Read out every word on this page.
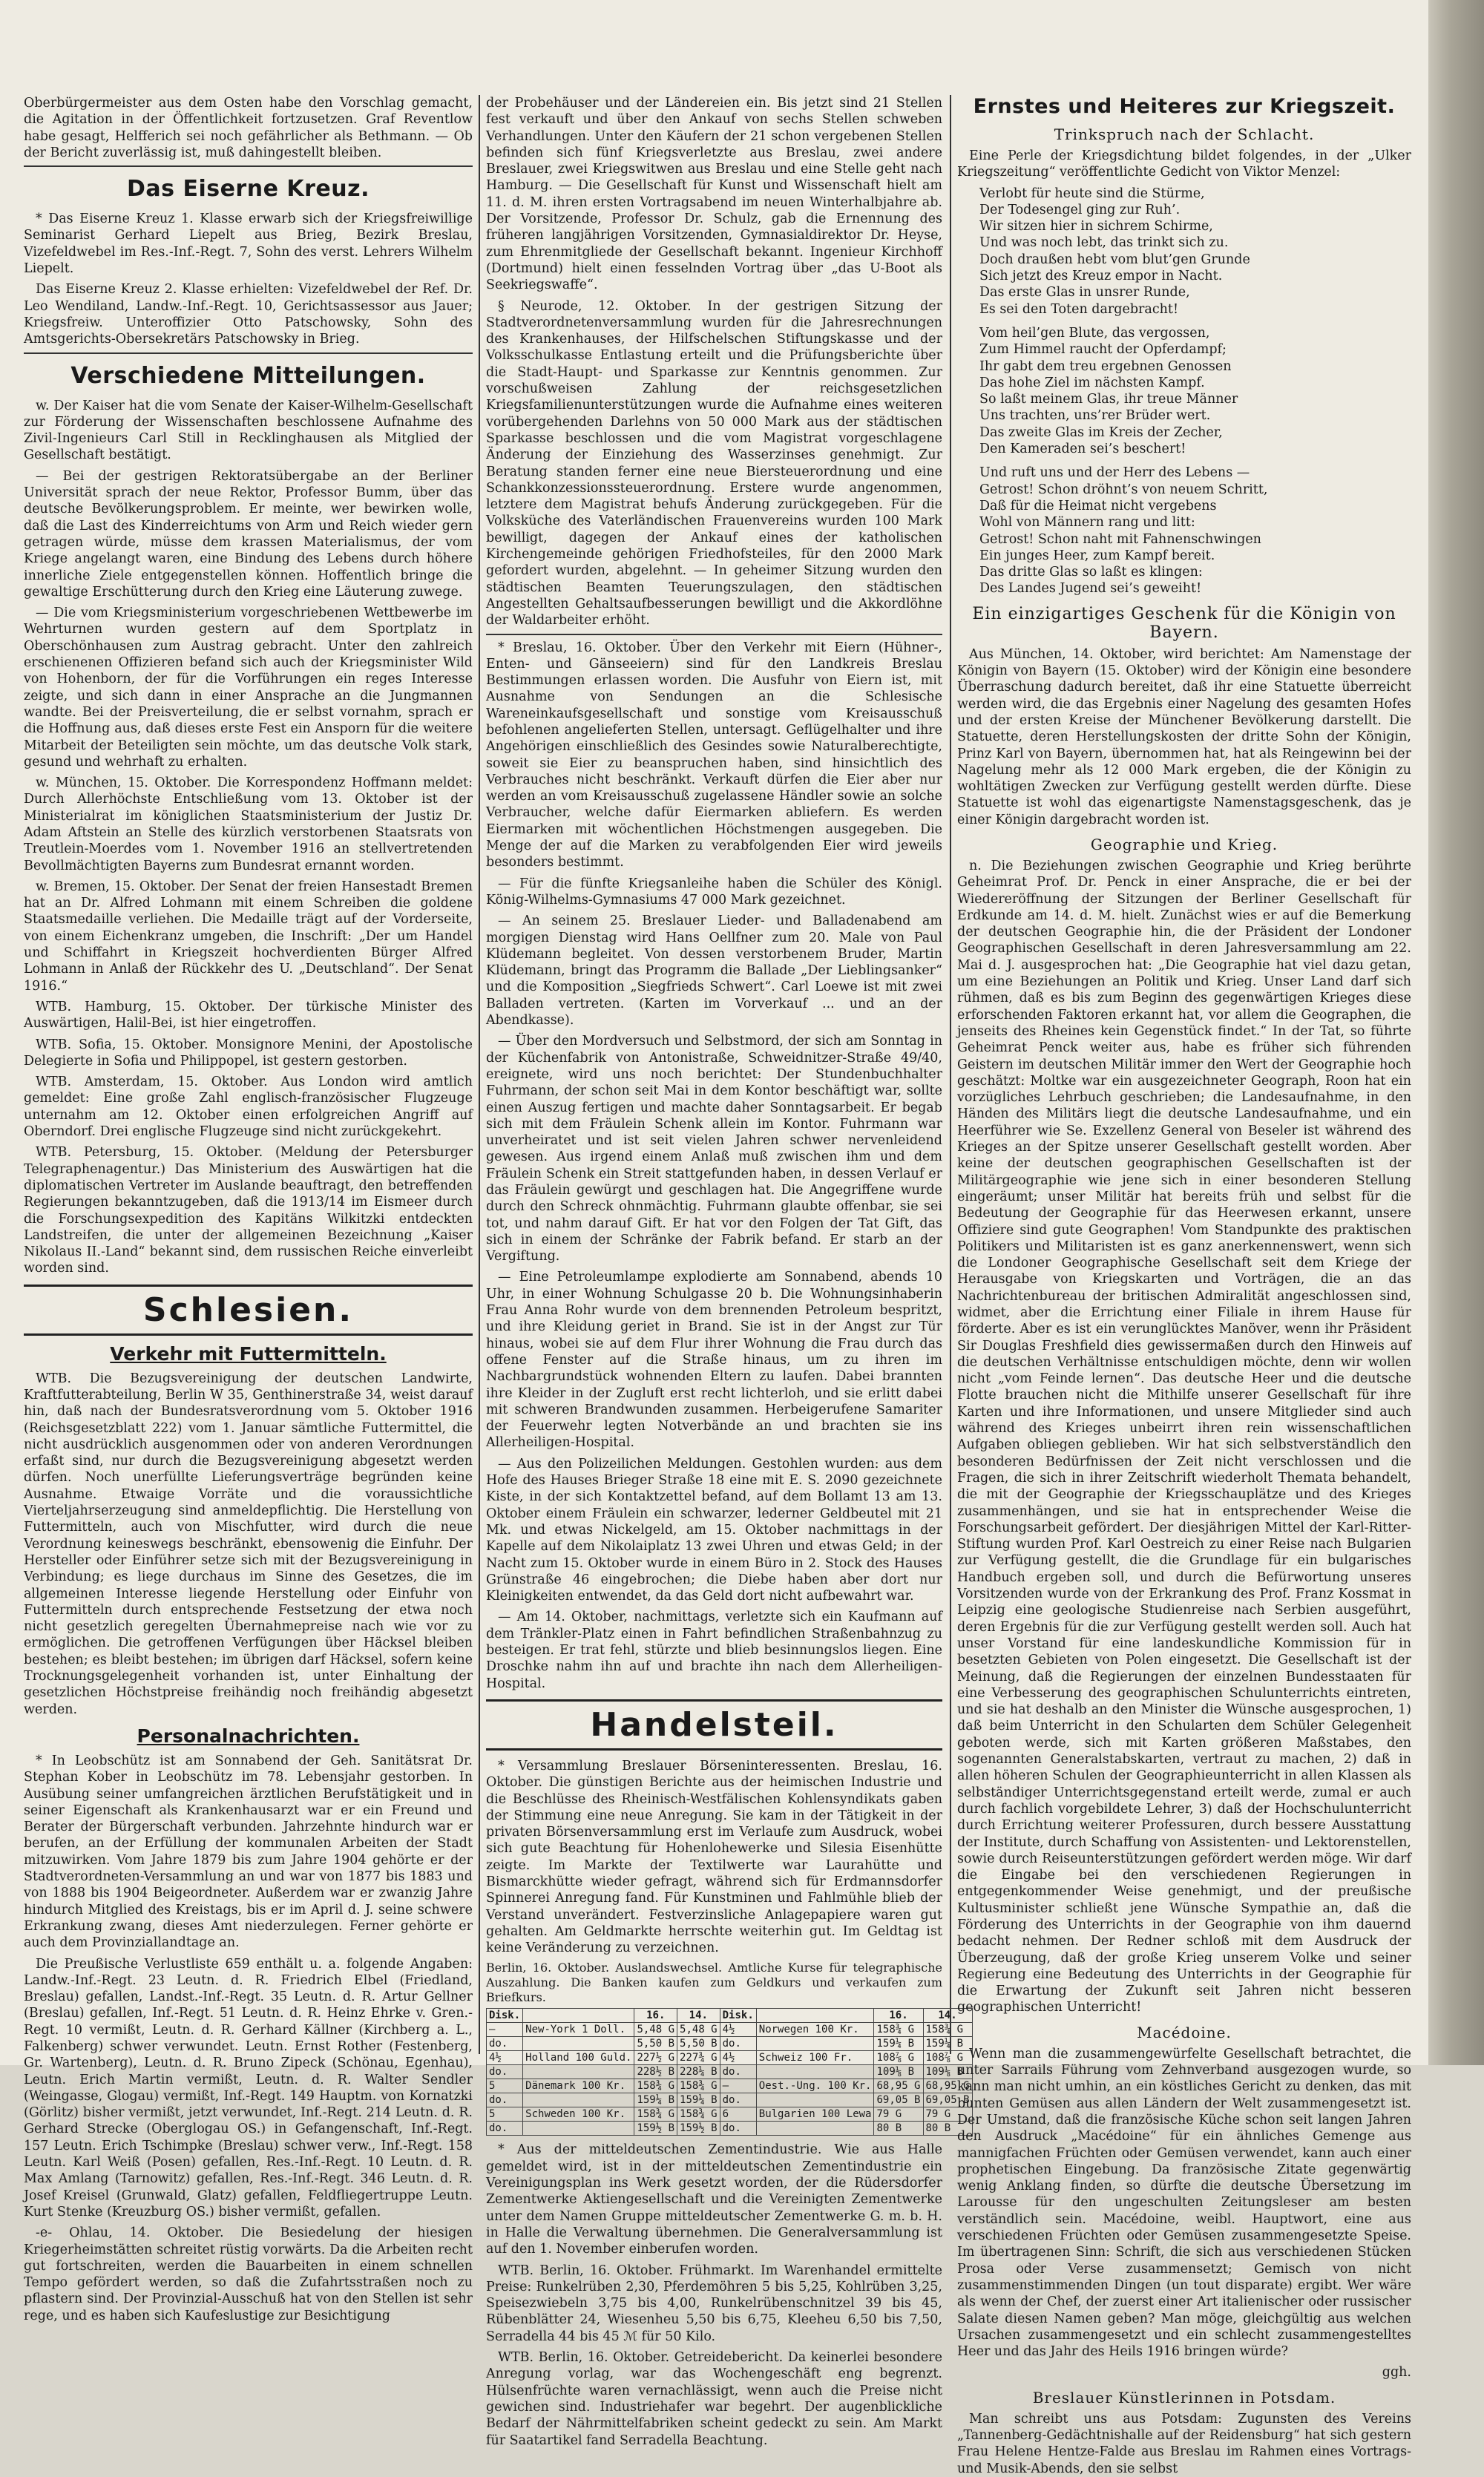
Oberbürgermeister aus dem Osten habe den Vorschlag gemacht, die Agitation in der Öffentlichkeit fortzusetzen. Graf Reventlow habe gesagt, Helfferich sei noch gefährlicher als Bethmann. — Ob der Bericht zuverlässig ist, muß dahingestellt bleiben.

Das Eiserne Kreuz.

* Das Eiserne Kreuz 1. Klasse erwarb sich der Kriegsfreiwillige Seminarist Gerhard Liepelt aus Brieg, Bezirk Breslau, Vizefeldwebel im Res.-Inf.-Regt. 7, Sohn des verst. Lehrers Wilhelm Liepelt.

Das Eiserne Kreuz 2. Klasse erhielten: Vizefeldwebel der Ref. Dr. Leo Wendiland, Landw.-Inf.-Regt. 10, Gerichtsassessor aus Jauer; Kriegsfreiw. Unteroffizier Otto Patschowsky, Sohn des Amtsgerichts-Obersekretärs Patschowsky in Brieg.

Verschiedene Mitteilungen.

w. Der Kaiser hat die vom Senate der Kaiser-Wilhelm-Gesellschaft zur Förderung der Wissenschaften beschlossene Aufnahme des Zivil-Ingenieurs Carl Still in Recklinghausen als Mitglied der Gesellschaft bestätigt.

— Bei der gestrigen Rektoratsübergabe an der Berliner Universität sprach der neue Rektor, Professor Bumm, über das deutsche Bevölkerungsproblem. Er meinte, wer bewirken wolle, daß die Last des Kinderreichtums von Arm und Reich wieder gern getragen würde, müsse dem krassen Materialismus, der vom Kriege angelangt waren, eine Bindung des Lebens durch höhere innerliche Ziele entgegenstellen können. Hoffentlich bringe die gewaltige Erschütterung durch den Krieg eine Läuterung zuwege.

— Die vom Kriegsministerium vorgeschriebenen Wettbewerbe im Wehrturnen wurden gestern auf dem Sportplatz in Oberschönhausen zum Austrag gebracht. Unter den zahlreich erschienenen Offizieren befand sich auch der Kriegsminister Wild von Hohenborn, der für die Vorführungen ein reges Interesse zeigte, und sich dann in einer Ansprache an die Jungmannen wandte. Bei der Preisverteilung, die er selbst vornahm, sprach er die Hoffnung aus, daß dieses erste Fest ein Ansporn für die weitere Mitarbeit der Beteiligten sein möchte, um das deutsche Volk stark, gesund und wehrhaft zu erhalten.

w. München, 15. Oktober. Die Korrespondenz Hoffmann meldet: Durch Allerhöchste Entschließung vom 13. Oktober ist der Ministerialrat im königlichen Staatsministerium der Justiz Dr. Adam Aftstein an Stelle des kürzlich verstorbenen Staatsrats von Treutlein-Moerdes vom 1. November 1916 an stellvertretenden Bevollmächtigten Bayerns zum Bundesrat ernannt worden.

w. Bremen, 15. Oktober. Der Senat der freien Hansestadt Bremen hat an Dr. Alfred Lohmann mit einem Schreiben die goldene Staatsmedaille verliehen. Die Medaille trägt auf der Vorderseite, von einem Eichenkranz umgeben, die Inschrift: „Der um Handel und Schiffahrt in Kriegszeit hochverdienten Bürger Alfred Lohmann in Anlaß der Rückkehr des U. „Deutschland“. Der Senat 1916.“

WTB. Hamburg, 15. Oktober. Der türkische Minister des Auswärtigen, Halil-Bei, ist hier eingetroffen.

WTB. Sofia, 15. Oktober. Monsignore Menini, der Apostolische Delegierte in Sofia und Philippopel, ist gestern gestorben.

WTB. Amsterdam, 15. Oktober. Aus London wird amtlich gemeldet: Eine große Zahl englisch-französischer Flugzeuge unternahm am 12. Oktober einen erfolgreichen Angriff auf Oberndorf. Drei englische Flugzeuge sind nicht zurückgekehrt.

WTB. Petersburg, 15. Oktober. (Meldung der Petersburger Telegraphenagentur.) Das Ministerium des Auswärtigen hat die diplomatischen Vertreter im Auslande beauftragt, den betreffenden Regierungen bekanntzugeben, daß die 1913/14 im Eismeer durch die Forschungsexpedition des Kapitäns Wilkitzki entdeckten Landstreifen, die unter der allgemeinen Bezeichnung „Kaiser Nikolaus II.-Land“ bekannt sind, dem russischen Reiche einverleibt worden sind.

Schlesien.
Verkehr mit Futtermitteln.

WTB. Die Bezugsvereinigung der deutschen Landwirte, Kraftfutterabteilung, Berlin W 35, Genthinerstraße 34, weist darauf hin, daß nach der Bundesratsverordnung vom 5. Oktober 1916 (Reichsgesetzblatt 222) vom 1. Januar sämtliche Futtermittel, die nicht ausdrücklich ausgenommen oder von anderen Verordnungen erfaßt sind, nur durch die Bezugsvereinigung abgesetzt werden dürfen. Noch unerfüllte Lieferungsverträge begründen keine Ausnahme. Etwaige Vorräte und die voraussichtliche Vierteljahrserzeugung sind anmeldepflichtig. Die Herstellung von Futtermitteln, auch von Mischfutter, wird durch die neue Verordnung keineswegs beschränkt, ebensowenig die Einfuhr. Der Hersteller oder Einführer setze sich mit der Bezugsvereinigung in Verbindung; es liege durchaus im Sinne des Gesetzes, die im allgemeinen Interesse liegende Herstellung oder Einfuhr von Futtermitteln durch entsprechende Festsetzung der etwa noch nicht gesetzlich geregelten Übernahmepreise nach wie vor zu ermöglichen. Die getroffenen Verfügungen über Häcksel bleiben bestehen; es bleibt bestehen; im übrigen darf Häcksel, sofern keine Trocknungsgelegenheit vorhanden ist, unter Einhaltung der gesetzlichen Höchstpreise freihändig noch freihändig abgesetzt werden.

Personalnachrichten.

* In Leobschütz ist am Sonnabend der Geh. Sanitätsrat Dr. Stephan Kober in Leobschütz im 78. Lebensjahr gestorben. In Ausübung seiner umfangreichen ärztlichen Berufstätigkeit und in seiner Eigenschaft als Krankenhausarzt war er ein Freund und Berater der Bürgerschaft verbunden. Jahrzehnte hindurch war er berufen, an der Erfüllung der kommunalen Arbeiten der Stadt mitzuwirken. Vom Jahre 1879 bis zum Jahre 1904 gehörte er der Stadtverordneten-Versammlung an und war von 1877 bis 1883 und von 1888 bis 1904 Beigeordneter. Außerdem war er zwanzig Jahre hindurch Mitglied des Kreistags, bis er im April d. J. seine schwere Erkrankung zwang, dieses Amt niederzulegen. Ferner gehörte er auch dem Provinziallandtage an.

Die Preußische Verlustliste 659 enthält u. a. folgende Angaben: Landw.-Inf.-Regt. 23 Leutn. d. R. Friedrich Elbel (Friedland, Breslau) gefallen, Landst.-Inf.-Regt. 35 Leutn. d. R. Artur Gellner (Breslau) gefallen, Inf.-Regt. 51 Leutn. d. R. Heinz Ehrke v. Gren.-Regt. 10 vermißt, Leutn. d. R. Gerhard Källner (Kirchberg a. L., Falkenberg) schwer verwundet. Leutn. Ernst Rother (Festenberg, Gr. Wartenberg), Leutn. d. R. Bruno Zipeck (Schönau, Egenhau), Leutn. Erich Martin vermißt, Leutn. d. R. Walter Sendler (Weingasse, Glogau) vermißt, Inf.-Regt. 149 Hauptm. von Kornatzki (Görlitz) bisher vermißt, jetzt verwundet, Inf.-Regt. 214 Leutn. d. R. Gerhard Strecke (Oberglogau OS.) in Gefangenschaft, Inf.-Regt. 157 Leutn. Erich Tschimpke (Breslau) schwer verw., Inf.-Regt. 158 Leutn. Karl Weiß (Posen) gefallen, Res.-Inf.-Regt. 10 Leutn. d. R. Max Amlang (Tarnowitz) gefallen, Res.-Inf.-Regt. 346 Leutn. d. R. Josef Kreisel (Grunwald, Glatz) gefallen, Feldfliegertruppe Leutn. Kurt Stenke (Kreuzburg OS.) bisher vermißt, gefallen.

-e- Ohlau, 14. Oktober. Die Besiedelung der hiesigen Kriegerheimstätten schreitet rüstig vorwärts. Da die Arbeiten recht gut fortschreiten, werden die Bauarbeiten in einem schnellen Tempo gefördert werden, so daß die Zufahrtsstraßen noch zu pflastern sind. Der Provinzial-Ausschuß hat von den Stellen ist sehr rege, und es haben sich Kaufeslustige zur Besichtigung

der Probehäuser und der Ländereien ein. Bis jetzt sind 21 Stellen fest verkauft und über den Ankauf von sechs Stellen schweben Verhandlungen. Unter den Käufern der 21 schon vergebenen Stellen befinden sich fünf Kriegsverletzte aus Breslau, zwei andere Breslauer, zwei Kriegswitwen aus Breslau und eine Stelle geht nach Hamburg. — Die Gesellschaft für Kunst und Wissenschaft hielt am 11. d. M. ihren ersten Vortragsabend im neuen Winterhalbjahre ab. Der Vorsitzende, Professor Dr. Schulz, gab die Ernennung des früheren langjährigen Vorsitzenden, Gymnasialdirektor Dr. Heyse, zum Ehrenmitgliede der Gesellschaft bekannt. Ingenieur Kirchhoff (Dortmund) hielt einen fesselnden Vortrag über „das U-Boot als Seekriegswaffe“.

§ Neurode, 12. Oktober. In der gestrigen Sitzung der Stadtverordnetenversammlung wurden für die Jahresrechnungen des Krankenhauses, der Hilfschelschen Stiftungskasse und der Volksschulkasse Entlastung erteilt und die Prüfungsberichte über die Stadt-Haupt- und Sparkasse zur Kenntnis genommen. Zur vorschußweisen Zahlung der reichsgesetzlichen Kriegsfamilienunterstützungen wurde die Aufnahme eines weiteren vorübergehenden Darlehns von 50 000 Mark aus der städtischen Sparkasse beschlossen und die vom Magistrat vorgeschlagene Änderung der Einziehung des Wasserzinses genehmigt. Zur Beratung standen ferner eine neue Biersteuerordnung und eine Schankkonzessionssteuerordnung. Erstere wurde angenommen, letztere dem Magistrat behufs Änderung zurückgegeben. Für die Volksküche des Vaterländischen Frauenvereins wurden 100 Mark bewilligt, dagegen der Ankauf eines der katholischen Kirchengemeinde gehörigen Friedhofsteiles, für den 2000 Mark gefordert wurden, abgelehnt. — In geheimer Sitzung wurden den städtischen Beamten Teuerungszulagen, den städtischen Angestellten Gehaltsaufbesserungen bewilligt und die Akkordlöhne der Waldarbeiter erhöht.

* Breslau, 16. Oktober. Über den Verkehr mit Eiern (Hühner-, Enten- und Gänseeiern) sind für den Landkreis Breslau Bestimmungen erlassen worden. Die Ausfuhr von Eiern ist, mit Ausnahme von Sendungen an die Schlesische Wareneinkaufsgesellschaft und sonstige vom Kreisausschuß befohlenen angelieferten Stellen, untersagt. Geflügelhalter und ihre Angehörigen einschließlich des Gesindes sowie Naturalberechtigte, soweit sie Eier zu beanspruchen haben, sind hinsichtlich des Verbrauches nicht beschränkt. Verkauft dürfen die Eier aber nur werden an vom Kreisausschuß zugelassene Händler sowie an solche Verbraucher, welche dafür Eiermarken abliefern. Es werden Eiermarken mit wöchentlichen Höchstmengen ausgegeben. Die Menge der auf die Marken zu verabfolgenden Eier wird jeweils besonders bestimmt.

— Für die fünfte Kriegsanleihe haben die Schüler des Königl. König-Wilhelms-Gymnasiums 47 000 Mark gezeichnet.

— An seinem 25. Breslauer Lieder- und Balladenabend am morgigen Dienstag wird Hans Oellfner zum 20. Male von Paul Klüdemann begleitet. Von dessen verstorbenem Bruder, Martin Klüdemann, bringt das Programm die Ballade „Der Lieblingsanker“ und die Komposition „Siegfrieds Schwert“. Carl Loewe ist mit zwei Balladen vertreten. (Karten im Vorverkauf ... und an der Abendkasse).

— Über den Mordversuch und Selbstmord, der sich am Sonntag in der Küchenfabrik von Antonistraße, Schweidnitzer-Straße 49/40, ereignete, wird uns noch berichtet: Der Stundenbuchhalter Fuhrmann, der schon seit Mai in dem Kontor beschäftigt war, sollte einen Auszug fertigen und machte daher Sonntagsarbeit. Er begab sich mit dem Fräulein Schenk allein im Kontor. Fuhrmann war unverheiratet und ist seit vielen Jahren schwer nervenleidend gewesen. Aus irgend einem Anlaß muß zwischen ihm und dem Fräulein Schenk ein Streit stattgefunden haben, in dessen Verlauf er das Fräulein gewürgt und geschlagen hat. Die Angegriffene wurde durch den Schreck ohnmächtig. Fuhrmann glaubte offenbar, sie sei tot, und nahm darauf Gift. Er hat vor den Folgen der Tat Gift, das sich in einem der Schränke der Fabrik befand. Er starb an der Vergiftung.

— Eine Petroleumlampe explodierte am Sonnabend, abends 10 Uhr, in einer Wohnung Schulgasse 20 b. Die Wohnungsinhaberin Frau Anna Rohr wurde von dem brennenden Petroleum bespritzt, und ihre Kleidung geriet in Brand. Sie ist in der Angst zur Tür hinaus, wobei sie auf dem Flur ihrer Wohnung die Frau durch das offene Fenster auf die Straße hinaus, um zu ihren im Nachbargrundstück wohnenden Eltern zu laufen. Dabei brannten ihre Kleider in der Zugluft erst recht lichterloh, und sie erlitt dabei mit schweren Brandwunden zusammen. Herbeigerufene Samariter der Feuerwehr legten Notverbände an und brachten sie ins Allerheiligen-Hospital.

— Aus den Polizeilichen Meldungen. Gestohlen wurden: aus dem Hofe des Hauses Brieger Straße 18 eine mit E. S. 2090 gezeichnete Kiste, in der sich Kontaktzettel befand, auf dem Bollamt 13 am 13. Oktober einem Fräulein ein schwarzer, lederner Geldbeutel mit 21 Mk. und etwas Nickelgeld, am 15. Oktober nachmittags in der Kapelle auf dem Nikolaiplatz 13 zwei Uhren und etwas Geld; in der Nacht zum 15. Oktober wurde in einem Büro in 2. Stock des Hauses Grünstraße 46 eingebrochen; die Diebe haben aber dort nur Kleinigkeiten entwendet, da das Geld dort nicht aufbewahrt war.

— Am 14. Oktober, nachmittags, verletzte sich ein Kaufmann auf dem Tränkler-Platz einen in Fahrt befindlichen Straßenbahnzug zu besteigen. Er trat fehl, stürzte und blieb besinnungslos liegen. Eine Droschke nahm ihn auf und brachte ihn nach dem Allerheiligen-Hospital.

Handelsteil.

* Versammlung Breslauer Börseninteressenten. Breslau, 16. Oktober. Die günstigen Berichte aus der heimischen Industrie und die Beschlüsse des Rheinisch-Westfälischen Kohlensyndikats gaben der Stimmung eine neue Anregung. Sie kam in der Tätigkeit in der privaten Börsenversammlung erst im Verlaufe zum Ausdruck, wobei sich gute Beachtung für Hohenlohewerke und Silesia Eisenhütte zeigte. Im Markte der Textilwerte war Laurahütte und Bismarckhütte wieder gefragt, während sich für Erdmannsdorfer Spinnerei Anregung fand. Für Kunstminen und Fahlmühle blieb der Verstand unverändert. Festverzinsliche Anlagepapiere waren gut gehalten. Am Geldmarkte herrschte weiterhin gut. Im Geldtag ist keine Veränderung zu verzeichnen.

Berlin, 16. Oktober. Auslandswechsel. Amtliche Kurse für telegraphische Auszahlung. Die Banken kaufen zum Geldkurs und verkaufen zum Briefkurs.
Disk.		16.	14.	Disk.		16.	14.
—	New-York 1 Doll.	5,48 G	5,48 G	4½	Norwegen 100 Kr.	158¾ G	158¾ G
do.		5,50 B	5,50 B	do.		159¼ B	159¼ B
4½	Holland 100 Guld.	227½ G	227¾ G	4½	Schweiz 100 Fr.	108⅞ G	108⅞ G
do.		228½ B	228¼ B	do.		109⅛ B	109⅛ B
5	Dänemark 100 Kr.	158¾ G	158¾ G	—	Oest.-Ung. 100 Kr.	68,95 G	68,95 G
do.		159¼ B	159¼ B	do.		69,05 B	69,05 B
5	Schweden 100 Kr.	158¾ G	158¾ G	6	Bulgarien 100 Lewa	79 G	79 G
do.		159½ B	159½ B	do.		80 B	80 B

* Aus der mitteldeutschen Zementindustrie. Wie aus Halle gemeldet wird, ist in der mitteldeutschen Zementindustrie ein Vereinigungsplan ins Werk gesetzt worden, der die Rüdersdorfer Zementwerke Aktiengesellschaft und die Vereinigten Zementwerke unter dem Namen Gruppe mitteldeutscher Zementwerke G. m. b. H. in Halle die Verwaltung übernehmen. Die Generalversammlung ist auf den 1. November einberufen worden.

WTB. Berlin, 16. Oktober. Frühmarkt. Im Warenhandel ermittelte Preise: Runkelrüben 2,30, Pferdemöhren 5 bis 5,25, Kohlrüben 3,25, Speisezwiebeln 3,75 bis 4,00, Runkelrübenschnitzel 39 bis 45, Rübenblätter 24, Wiesenheu 5,50 bis 6,75, Kleeheu 6,50 bis 7,50, Serradella 44 bis 45 ℳ für 50 Kilo.

WTB. Berlin, 16. Oktober. Getreidebericht. Da keinerlei besondere Anregung vorlag, war das Wochengeschäft eng begrenzt. Hülsenfrüchte waren vernachlässigt, wenn auch die Preise nicht gewichen sind. Industriehafer war begehrt. Der augenblickliche Bedarf der Nährmittelfabriken scheint gedeckt zu sein. Am Markt für Saatartikel fand Serradella Beachtung.

Ernstes und Heiteres zur Kriegszeit.
Trinkspruch nach der Schlacht.

Eine Perle der Kriegsdichtung bildet folgendes, in der „Ulker Kriegszeitung“ veröffentlichte Gedicht von Viktor Menzel:

Verlobt für heute sind die Stürme,
Der Todesengel ging zur Ruh’.
Wir sitzen hier in sichrem Schirme,
Und was noch lebt, das trinkt sich zu.
Doch draußen hebt vom blut’gen Grunde
Sich jetzt des Kreuz empor in Nacht.
Das erste Glas in unsrer Runde,
Es sei den Toten dargebracht!

Vom heil’gen Blute, das vergossen,
Zum Himmel raucht der Opferdampf;
Ihr gabt dem treu ergebnen Genossen
Das hohe Ziel im nächsten Kampf.
So laßt meinem Glas, ihr treue Männer
Uns trachten, uns’rer Brüder wert.
Das zweite Glas im Kreis der Zecher,
Den Kameraden sei’s beschert!

Und ruft uns und der Herr des Lebens —
Getrost! Schon dröhnt’s von neuem Schritt,
Daß für die Heimat nicht vergebens
Wohl von Männern rang und litt:
Getrost! Schon naht mit Fahnenschwingen
Ein junges Heer, zum Kampf bereit.
Das dritte Glas so laßt es klingen:
Des Landes Jugend sei’s geweiht!

Ein einzigartiges Geschenk für die Königin von Bayern.

Aus München, 14. Oktober, wird berichtet: Am Namenstage der Königin von Bayern (15. Oktober) wird der Königin eine besondere Überraschung dadurch bereitet, daß ihr eine Statuette überreicht werden wird, die das Ergebnis einer Nagelung des gesamten Hofes und der ersten Kreise der Münchener Bevölkerung darstellt. Die Statuette, deren Herstellungskosten der dritte Sohn der Königin, Prinz Karl von Bayern, übernommen hat, hat als Reingewinn bei der Nagelung mehr als 12 000 Mark ergeben, die der Königin zu wohltätigen Zwecken zur Verfügung gestellt werden dürfte. Diese Statuette ist wohl das eigenartigste Namenstagsgeschenk, das je einer Königin dargebracht worden ist.

Geographie und Krieg.

n. Die Beziehungen zwischen Geographie und Krieg berührte Geheimrat Prof. Dr. Penck in einer Ansprache, die er bei der Wiedereröffnung der Sitzungen der Berliner Gesellschaft für Erdkunde am 14. d. M. hielt. Zunächst wies er auf die Bemerkung der deutschen Geographie hin, die der Präsident der Londoner Geographischen Gesellschaft in deren Jahresversammlung am 22. Mai d. J. ausgesprochen hat: „Die Geographie hat viel dazu getan, um eine Beziehungen an Politik und Krieg. Unser Land darf sich rühmen, daß es bis zum Beginn des gegenwärtigen Krieges diese erforschenden Faktoren erkannt hat, vor allem die Geographen, die jenseits des Rheines kein Gegenstück findet.“ In der Tat, so führte Geheimrat Penck weiter aus, habe es früher sich führenden Geistern im deutschen Militär immer den Wert der Geographie hoch geschätzt: Moltke war ein ausgezeichneter Geograph, Roon hat ein vorzügliches Lehrbuch geschrieben; die Landesaufnahme, in den Händen des Militärs liegt die deutsche Landesaufnahme, und ein Heerführer wie Se. Exzellenz General von Beseler ist während des Krieges an der Spitze unserer Gesellschaft gestellt worden. Aber keine der deutschen geographischen Gesellschaften ist der Militärgeographie wie jene sich in einer besonderen Stellung eingeräumt; unser Militär hat bereits früh und selbst für die Bedeutung der Geographie für das Heerwesen erkannt, unsere Offiziere sind gute Geographen! Vom Standpunkte des praktischen Politikers und Militaristen ist es ganz anerkennenswert, wenn sich die Londoner Geographische Gesellschaft seit dem Kriege der Herausgabe von Kriegskarten und Vorträgen, die an das Nachrichtenbureau der britischen Admiralität angeschlossen sind, widmet, aber die Errichtung einer Filiale in ihrem Hause für förderte. Aber es ist ein verunglücktes Manöver, wenn ihr Präsident Sir Douglas Freshfield dies gewissermaßen durch den Hinweis auf die deutschen Verhältnisse entschuldigen möchte, denn wir wollen nicht „vom Feinde lernen“. Das deutsche Heer und die deutsche Flotte brauchen nicht die Mithilfe unserer Gesellschaft für ihre Karten und ihre Informationen, und unsere Mitglieder sind auch während des Krieges unbeirrt ihren rein wissenschaftlichen Aufgaben obliegen geblieben. Wir hat sich selbstverständlich den besonderen Bedürfnissen der Zeit nicht verschlossen und die Fragen, die sich in ihrer Zeitschrift wiederholt Themata behandelt, die mit der Geographie der Kriegsschauplätze und des Krieges zusammenhängen, und sie hat in entsprechender Weise die Forschungsarbeit gefördert. Der diesjährigen Mittel der Karl-Ritter-Stiftung wurden Prof. Karl Oestreich zu einer Reise nach Bulgarien zur Verfügung gestellt, die die Grundlage für ein bulgarisches Handbuch ergeben soll, und durch die Befürwortung unseres Vorsitzenden wurde von der Erkrankung des Prof. Franz Kossmat in Leipzig eine geologische Studienreise nach Serbien ausgeführt, deren Ergebnis für die zur Verfügung gestellt werden soll. Auch hat unser Vorstand für eine landeskundliche Kommission für in besetzten Gebieten von Polen eingesetzt. Die Gesellschaft ist der Meinung, daß die Regierungen der einzelnen Bundesstaaten für eine Verbesserung des geographischen Schulunterrichts eintreten, und sie hat deshalb an den Minister die Wünsche ausgesprochen, 1) daß beim Unterricht in den Schularten dem Schüler Gelegenheit geboten werde, sich mit Karten größeren Maßstabes, den sogenannten Generalstabskarten, vertraut zu machen, 2) daß in allen höheren Schulen der Geographieunterricht in allen Klassen als selbständiger Unterrichtsgegenstand erteilt werde, zumal er auch durch fachlich vorgebildete Lehrer, 3) daß der Hochschulunterricht durch Errichtung weiterer Professuren, durch bessere Ausstattung der Institute, durch Schaffung von Assistenten- und Lektorenstellen, sowie durch Reiseunterstützungen gefördert werden möge. Wir darf die Eingabe bei den verschiedenen Regierungen in entgegenkommender Weise genehmigt, und der preußische Kultusminister schließt jene Wünsche Sympathie an, daß die Förderung des Unterrichts in der Geographie von ihm dauernd bedacht nehmen. Der Redner schloß mit dem Ausdruck der Überzeugung, daß der große Krieg unserem Volke und seiner Regierung eine Bedeutung des Unterrichts in der Geographie für die Erwartung der Zukunft seit Jahren nicht besseren geographischen Unterricht!

Macédoine.

Wenn man die zusammengewürfelte Gesellschaft betrachtet, die unter Sarrails Führung vom Zehnverband ausgezogen wurde, so kann man nicht umhin, an ein köstliches Gericht zu denken, das mit bunten Gemüsen aus allen Ländern der Welt zusammengesetzt ist. Der Umstand, daß die französische Küche schon seit langen Jahren den Ausdruck „Macédoine“ für ein ähnliches Gemenge aus mannigfachen Früchten oder Gemüsen verwendet, kann auch einer prophetischen Eingebung. Da französische Zitate gegenwärtig wenig Anklang finden, so dürfte die deutsche Übersetzung im Larousse für den ungeschulten Zeitungsleser am besten verständlich sein. Macédoine, weibl. Hauptwort, eine aus verschiedenen Früchten oder Gemüsen zusammengesetzte Speise. Im übertragenen Sinn: Schrift, die sich aus verschiedenen Stücken Prosa oder Verse zusammensetzt; Gemisch von nicht zusammenstimmenden Dingen (un tout disparate) ergibt. Wer wäre als wenn der Chef, der zuerst einer Art italienischer oder russischer Salate diesen Namen geben? Man möge, gleichgültig aus welchen Ursachen zusammengesetzt und ein schlecht zusammengestelltes Heer und das Jahr des Heils 1916 bringen würde?

ggh.

Breslauer Künstlerinnen in Potsdam.

Man schreibt uns aus Potsdam: Zugunsten des Vereins „Tannenberg-Gedächtnishalle auf der Reidensburg“ hat sich gestern Frau Helene Hentze-Falde aus Breslau im Rahmen eines Vortrags- und Musik-Abends, den sie selbst
